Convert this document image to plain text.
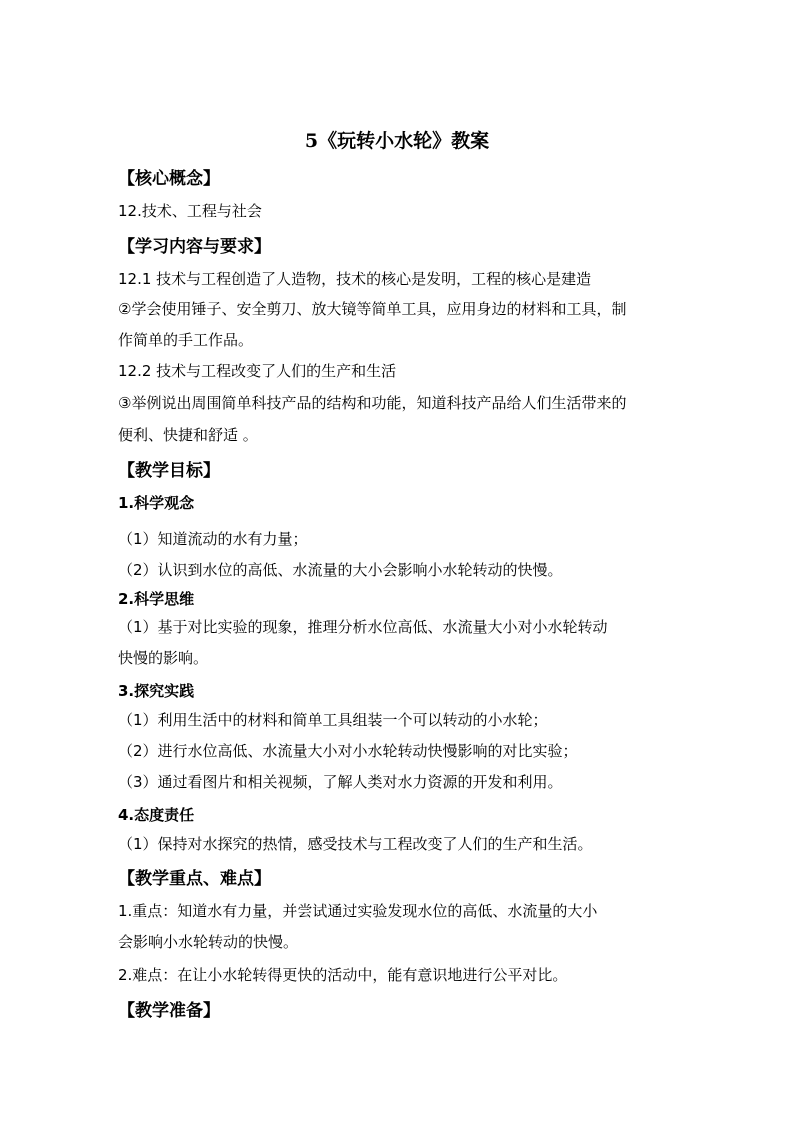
5《玩转小水轮》教案
【核心概念】
12.技术、工程与社会
【学习内容与要求】
12.1 技术与工程创造了人造物，技术的核心是发明，工程的核心是建造
②学会使用锤子、安全剪刀、放大镜等简单工具，应用身边的材料和工具，制
作简单的手工作品。
12.2 技术与工程改变了人们的生产和生活
③举例说出周围简单科技产品的结构和功能，知道科技产品给人们生活带来的
便利、快捷和舒适 。
【教学目标】
1.科学观念
（1）知道流动的水有力量；
（2）认识到水位的高低、水流量的大小会影响小水轮转动的快慢。
2.科学思维
（1）基于对比实验的现象，推理分析水位高低、水流量大小对小水轮转动
快慢的影响。
3.探究实践
（1）利用生活中的材料和简单工具组装一个可以转动的小水轮；
（2）进行水位高低、水流量大小对小水轮转动快慢影响的对比实验；
（3）通过看图片和相关视频，了解人类对水力资源的开发和利用。
4.态度责任
（1）保持对水探究的热情，感受技术与工程改变了人们的生产和生活。
【教学重点、难点】
1.重点：知道水有力量，并尝试通过实验发现水位的高低、水流量的大小
会影响小水轮转动的快慢。
2.难点：在让小水轮转得更快的活动中，能有意识地进行公平对比。
【教学准备】
